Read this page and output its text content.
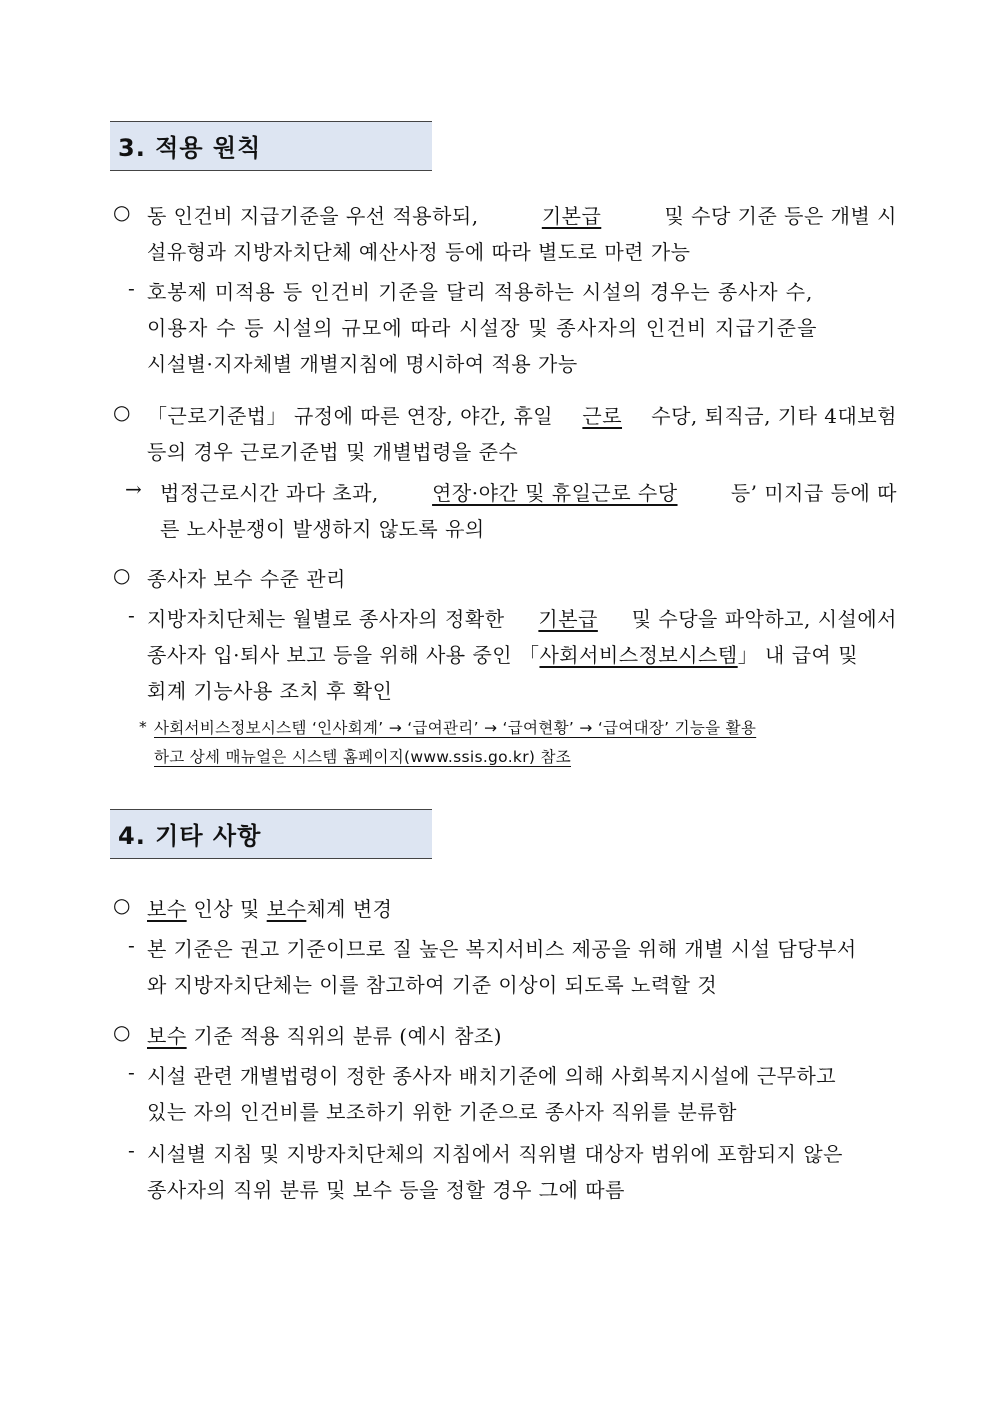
3. 적용 원칙
○ 동 인건비 지급기준을 우선 적용하되,	기본급	및 수당 기준 등은 개별 시
설유형과 지방자치단체 예산사정 등에 따라 별도로 마련 가능
- 호봉제 미적용 등 인건비 기준을 달리 적용하는 시설의 경우는 종사자 수,
이용자 수 등 시설의 규모에 따라 시설장 및 종사자의 인건비 지급기준을
시설별·지자체별 개별지침에 명시하여 적용 가능
○ 「근로기준법」 규정에 따른 연장, 야간, 휴일 근로 수당, 퇴직금, 기타 4대보험
등의 경우 근로기준법 및 개별법령을 준수
→ 법정근로시간 과다 초과,	연장·야간 및 휴일근로 수당	등’ 미지급 등에 따
른 노사분쟁이 발생하지 않도록 유의
○ 종사자 보수 수준 관리
- 지방자치단체는 월별로 종사자의 정확한 기본급 및 수당을 파악하고, 시설에서
종사자 입·퇴사 보고 등을 위해 사용 중인 「사회서비스정보시스템」 내 급여 및
회계 기능사용 조치 후 확인
* 사회서비스정보시스템 ‘인사회계’ → ‘급여관리’ → ‘급여현황’ → ‘급여대장’ 기능을 활용
하고 상세 매뉴얼은 시스템 홈페이지(www.ssis.go.kr) 참조
4. 기타 사항
○ 보수 인상 및 보수체계 변경
- 본 기준은 권고 기준이므로 질 높은 복지서비스 제공을 위해 개별 시설 담당부서
와 지방자치단체는 이를 참고하여 기준 이상이 되도록 노력할 것
○ 보수 기준 적용 직위의 분류 (예시 참조)
- 시설 관련 개별법령이 정한 종사자 배치기준에 의해 사회복지시설에 근무하고
있는 자의 인건비를 보조하기 위한 기준으로 종사자 직위를 분류함
- 시설별 지침 및 지방자치단체의 지침에서 직위별 대상자 범위에 포함되지 않은
종사자의 직위 분류 및 보수 등을 정할 경우 그에 따름
